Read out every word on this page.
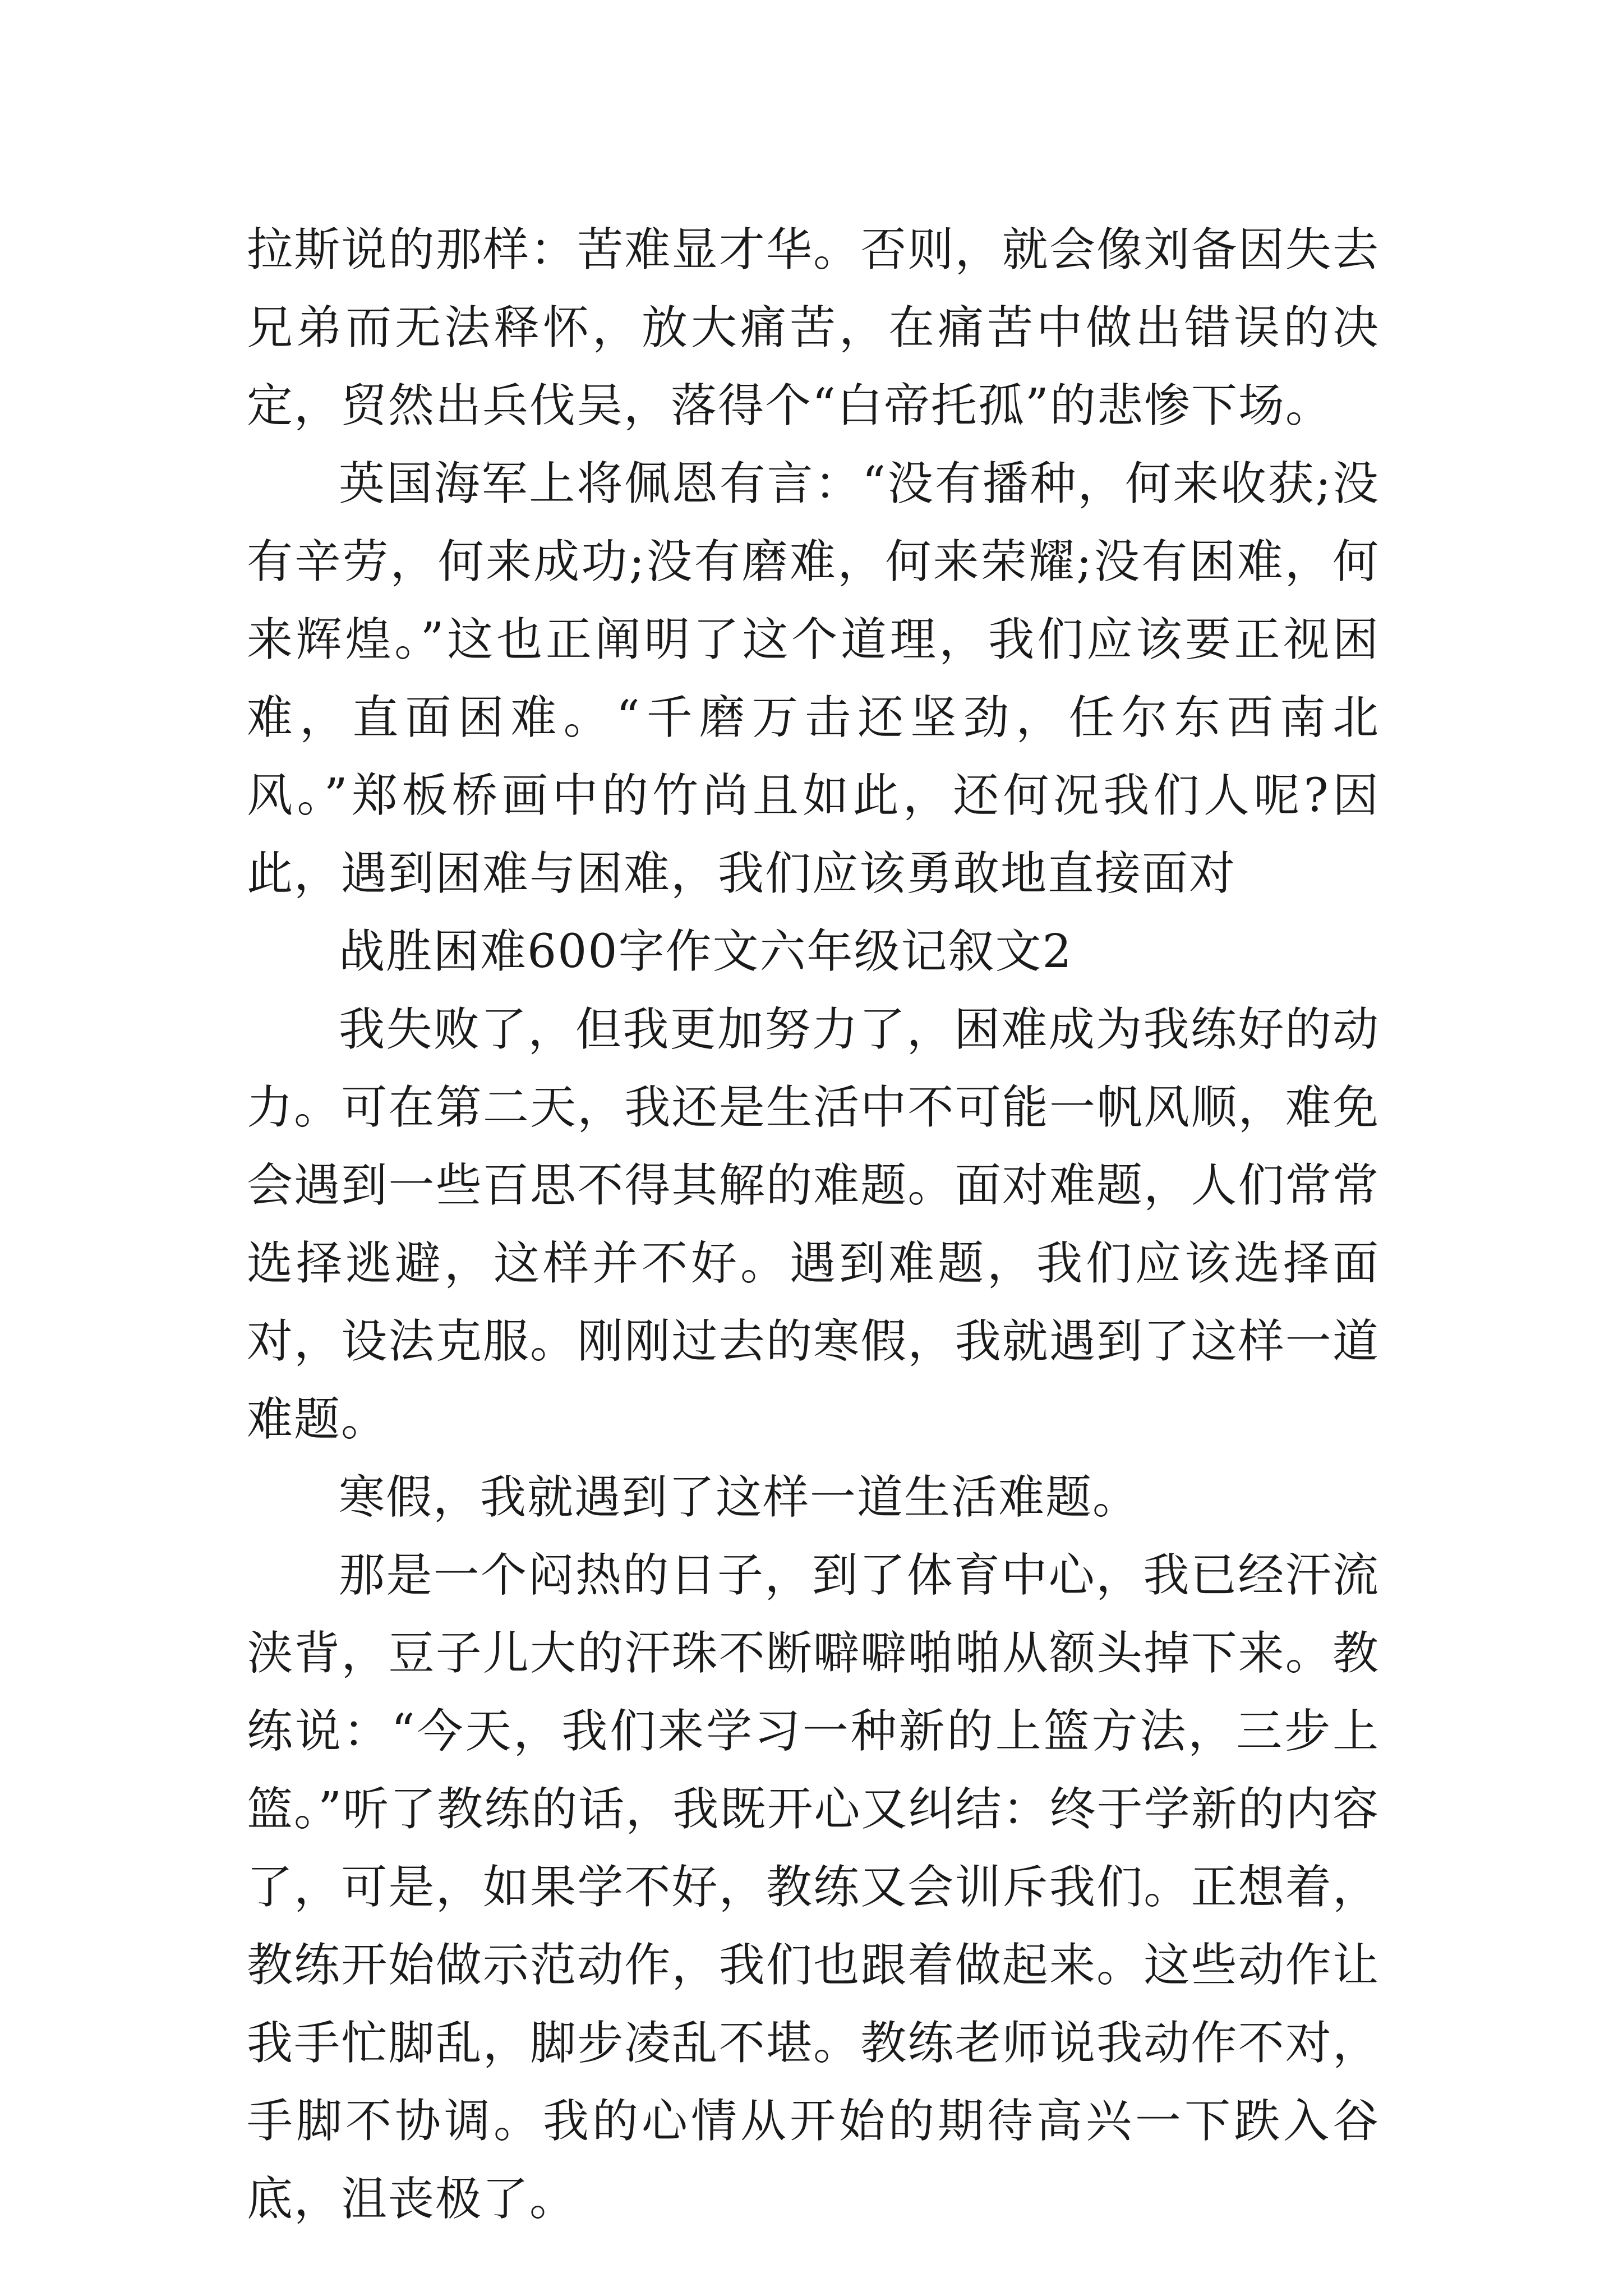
拉斯说的那样：苦难显才华。否则，就会像刘备因失去兄弟而无法释怀，放大痛苦，在痛苦中做出错误的决定，贸然出兵伐吴，落得个“白帝托孤”的悲惨下场。

英国海军上将佩恩有言：“没有播种，何来收获;没有辛劳，何来成功;没有磨难，何来荣耀;没有困难，何来辉煌。”这也正阐明了这个道理，我们应该要正视困难，直面困难。“千磨万击还坚劲，任尔东西南北风。”郑板桥画中的竹尚且如此，还何况我们人呢?因此，遇到困难与困难，我们应该勇敢地直接面对

战胜困难600字作文六年级记叙文2

我失败了，但我更加努力了，困难成为我练好的动力。可在第二天，我还是生活中不可能一帆风顺，难免会遇到一些百思不得其解的难题。面对难题，人们常常选择逃避，这样并不好。遇到难题，我们应该选择面对，设法克服。刚刚过去的寒假，我就遇到了这样一道难题。

寒假，我就遇到了这样一道生活难题。

那是一个闷热的日子，到了体育中心，我已经汗流浃背，豆子儿大的汗珠不断噼噼啪啪从额头掉下来。教练说：“今天，我们来学习一种新的上篮方法，三步上篮。”听了教练的话，我既开心又纠结：终于学新的内容了，可是，如果学不好，教练又会训斥我们。正想着，教练开始做示范动作，我们也跟着做起来。这些动作让我手忙脚乱，脚步凌乱不堪。教练老师说我动作不对，手脚不协调。我的心情从开始的期待高兴一下跌入谷底，沮丧极了。
